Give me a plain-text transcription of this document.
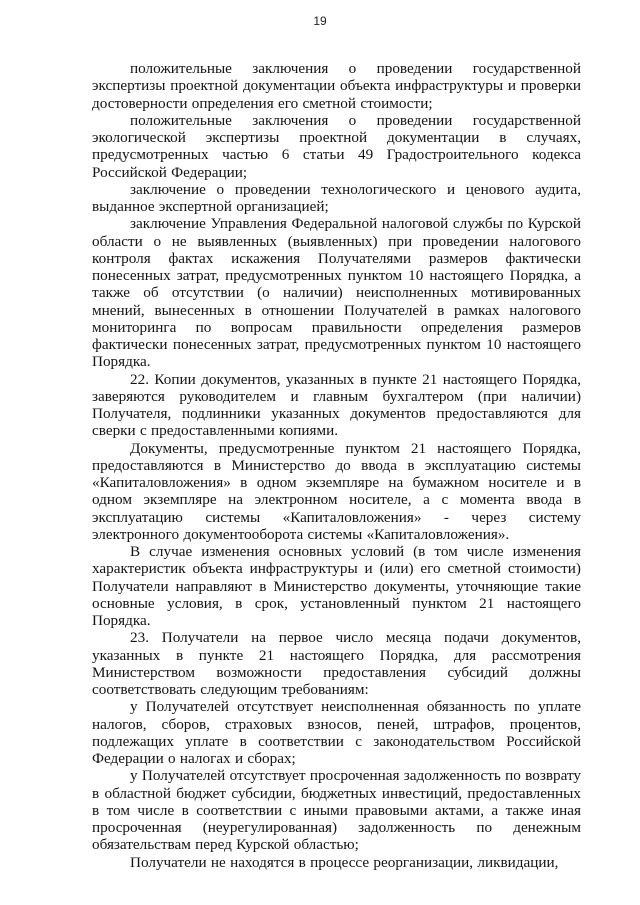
19

положительные заключения о проведении государственной экспертизы проектной документации объекта инфраструктуры и проверки достоверности определения его сметной стоимости;

положительные заключения о проведении государственной экологической экспертизы проектной документации в случаях, предусмотренных частью 6 статьи 49 Градостроительного кодекса Российской Федерации;

заключение о проведении технологического и ценового аудита, выданное экспертной организацией;

заключение Управления Федеральной налоговой службы по Курской области о не выявленных (выявленных) при проведении налогового контроля фактах искажения Получателями размеров фактически понесенных затрат, предусмотренных пунктом 10 настоящего Порядка, а также об отсутствии (о наличии) неисполненных мотивированных мнений, вынесенных в отношении Получателей в рамках налогового мониторинга по вопросам правильности определения размеров фактически понесенных затрат, предусмотренных пунктом 10 настоящего Порядка.

22. Копии документов, указанных в пункте 21 настоящего Порядка, заверяются руководителем и главным бухгалтером (при наличии) Получателя, подлинники указанных документов предоставляются для сверки с предоставленными копиями.

Документы, предусмотренные пунктом 21 настоящего Порядка, предоставляются в Министерство до ввода в эксплуатацию системы «Капиталовложения» в одном экземпляре на бумажном носителе и в одном экземпляре на электронном носителе, а с момента ввода в эксплуатацию системы «Капиталовложения» - через систему электронного документооборота системы «Капиталовложения».

В случае изменения основных условий (в том числе изменения характеристик объекта инфраструктуры и (или) его сметной стоимости) Получатели направляют в Министерство документы, уточняющие такие основные условия, в срок, установленный пунктом 21 настоящего Порядка.

23. Получатели на первое число месяца подачи документов, указанных в пункте 21 настоящего Порядка, для рассмотрения Министерством возможности предоставления субсидий должны соответствовать следующим требованиям:

у Получателей отсутствует неисполненная обязанность по уплате налогов, сборов, страховых взносов, пеней, штрафов, процентов, подлежащих уплате в соответствии с законодательством Российской Федерации о налогах и сборах;

у Получателей отсутствует просроченная задолженность по возврату в областной бюджет субсидии, бюджетных инвестиций, предоставленных в том числе в соответствии с иными правовыми актами, а также иная просроченная (неурегулированная) задолженность по денежным обязательствам перед Курской областью;

Получатели не находятся в процессе реорганизации, ликвидации,
